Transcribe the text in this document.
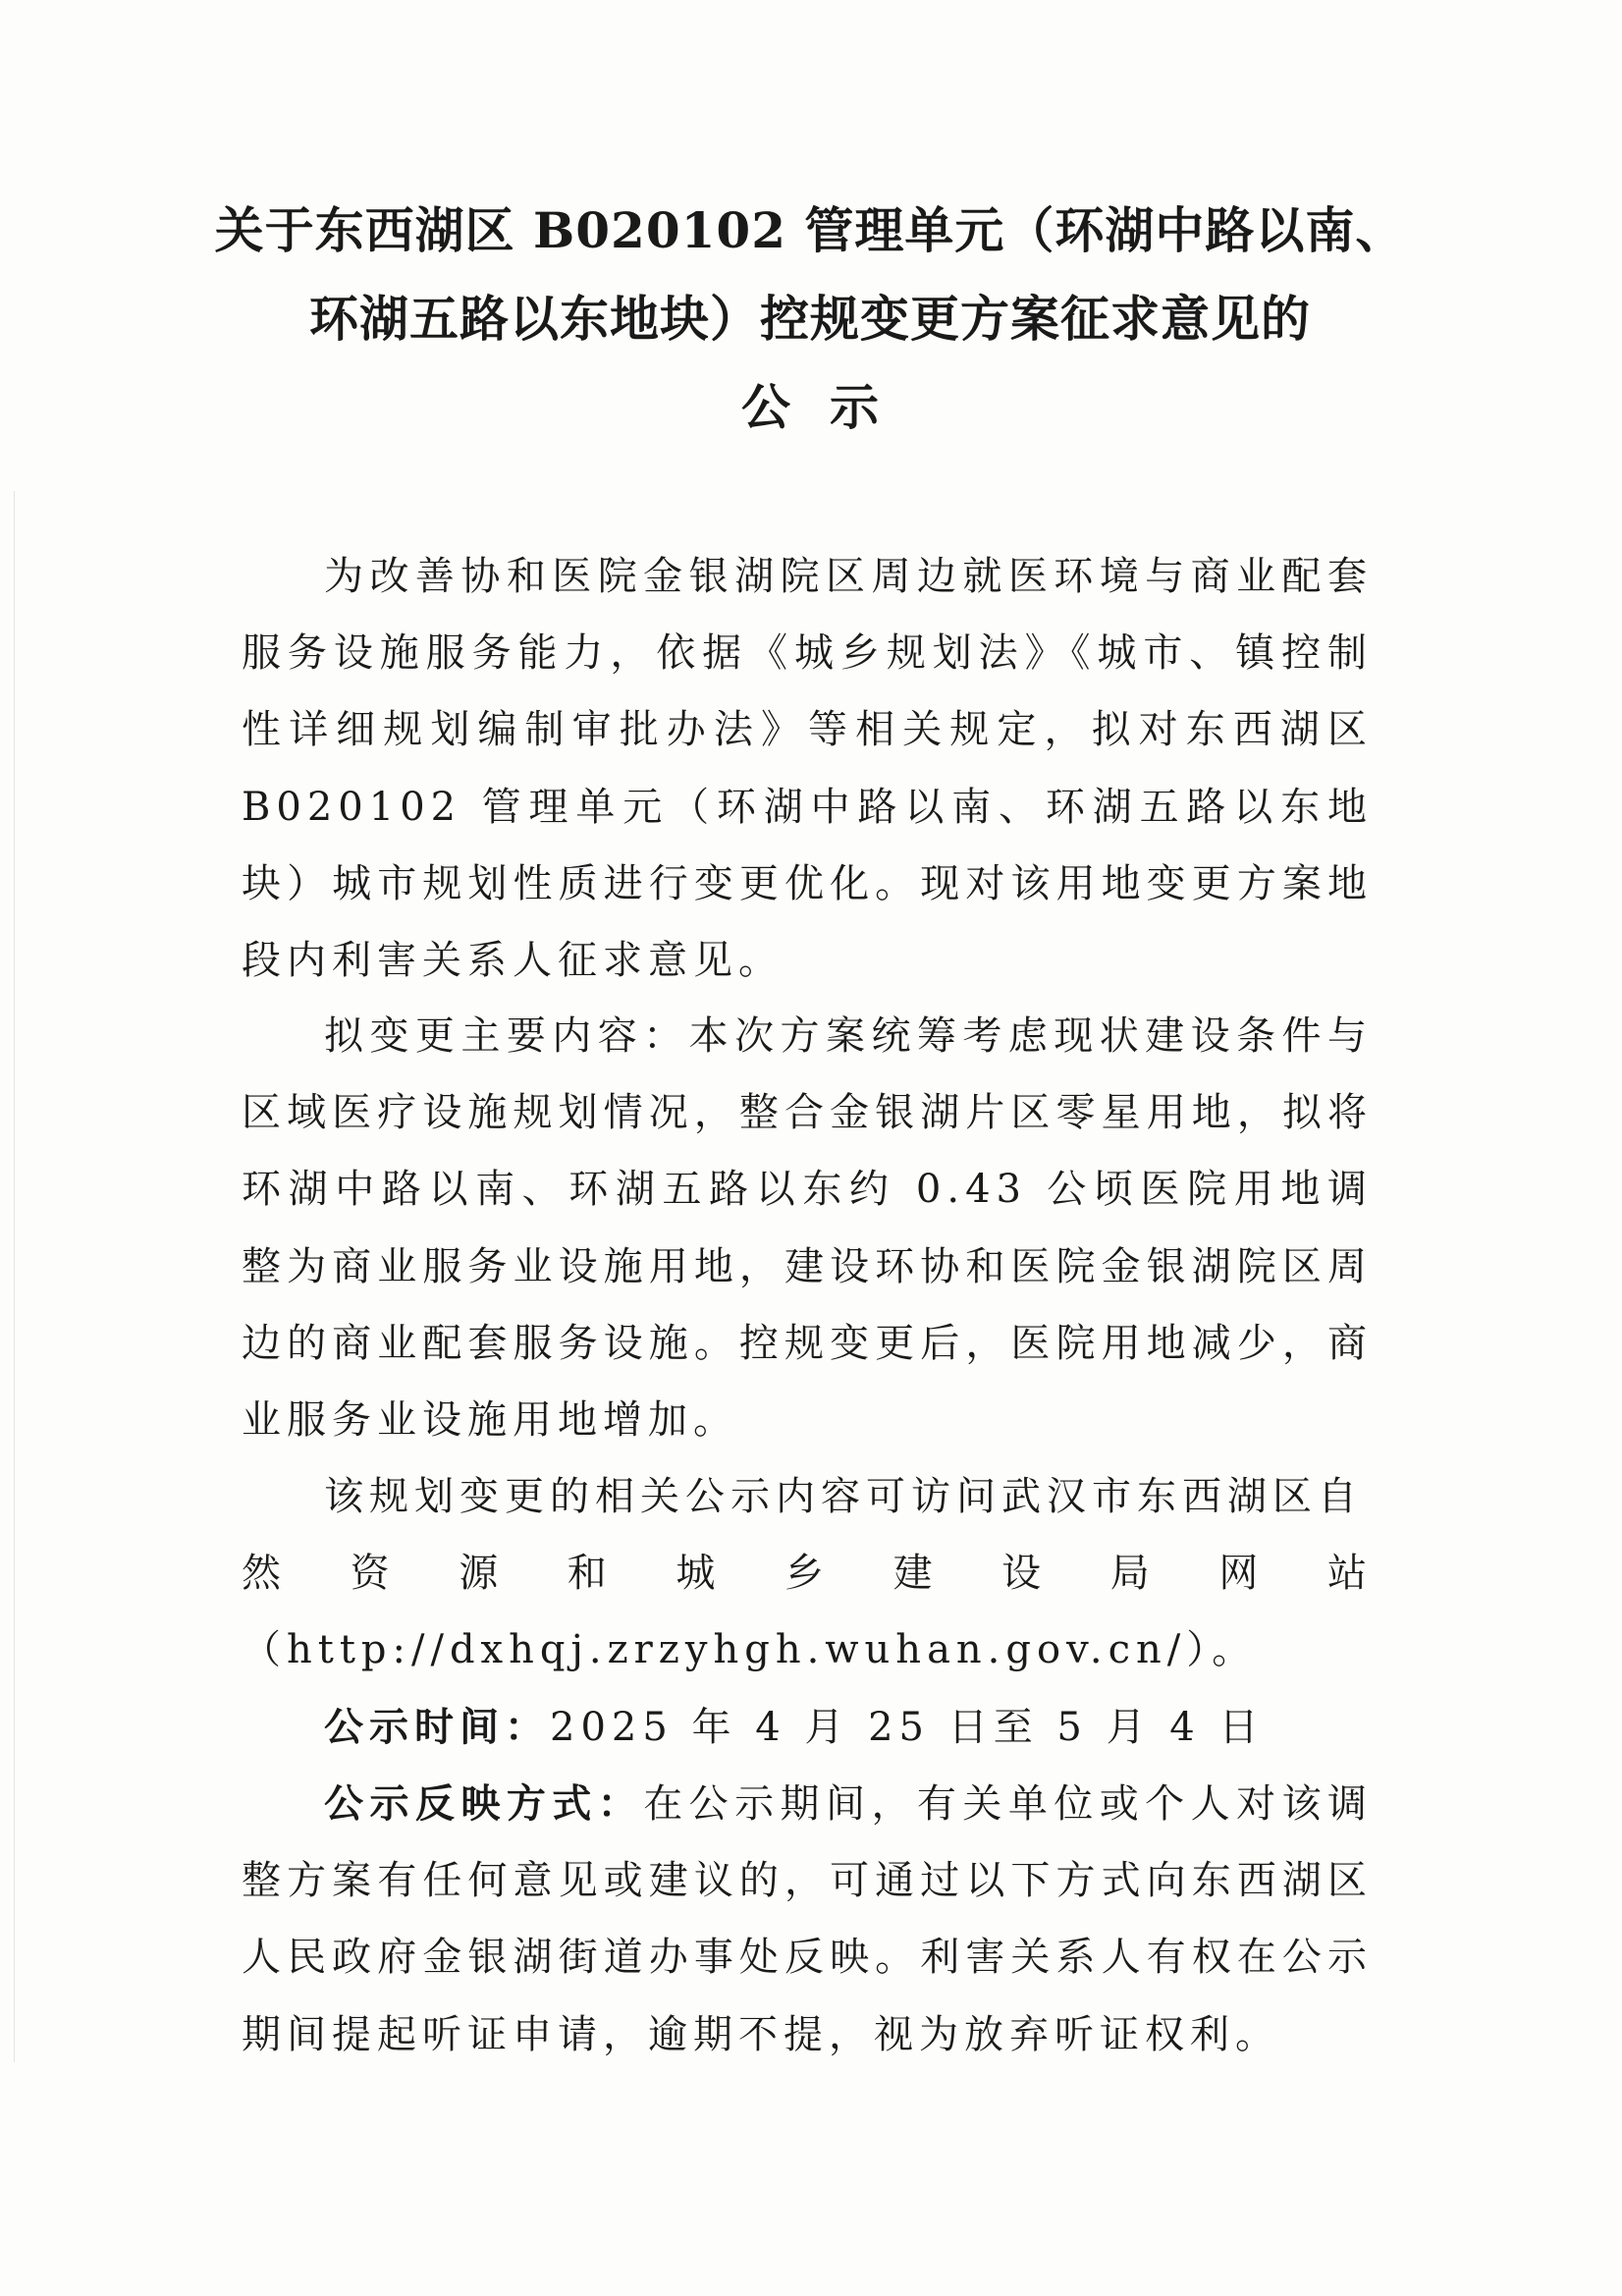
关于东西湖区 B020102 管理单元（环湖中路以南、
环湖五路以东地块）控规变更方案征求意见的
公示

为改善协和医院金银湖院区周边就医环境与商业配套服务设施服务能力，依据《城乡规划法》《城市、镇控制性详细规划编制审批办法》等相关规定，拟对东西湖区 B020102 管理单元（环湖中路以南、环湖五路以东地块）城市规划性质进行变更优化。现对该用地变更方案地段内利害关系人征求意见。

拟变更主要内容：本次方案统筹考虑现状建设条件与区域医疗设施规划情况，整合金银湖片区零星用地，拟将环湖中路以南、环湖五路以东约 0.43 公顷医院用地调整为商业服务业设施用地，建设环协和医院金银湖院区周边的商业配套服务设施。控规变更后，医院用地减少，商业服务业设施用地增加。

该规划变更的相关公示内容可访问武汉市东西湖区自

然 资 源 和 城 乡 建 设 局 网 站
（http://dxhqj.zrzyhgh.wuhan.gov.cn/）。

公示时间：2025 年 4 月 25 日至 5 月 4 日

公示反映方式：在公示期间，有关单位或个人对该调整方案有任何意见或建议的，可通过以下方式向东西湖区人民政府金银湖街道办事处反映。利害关系人有权在公示期间提起听证申请，逾期不提，视为放弃听证权利。
